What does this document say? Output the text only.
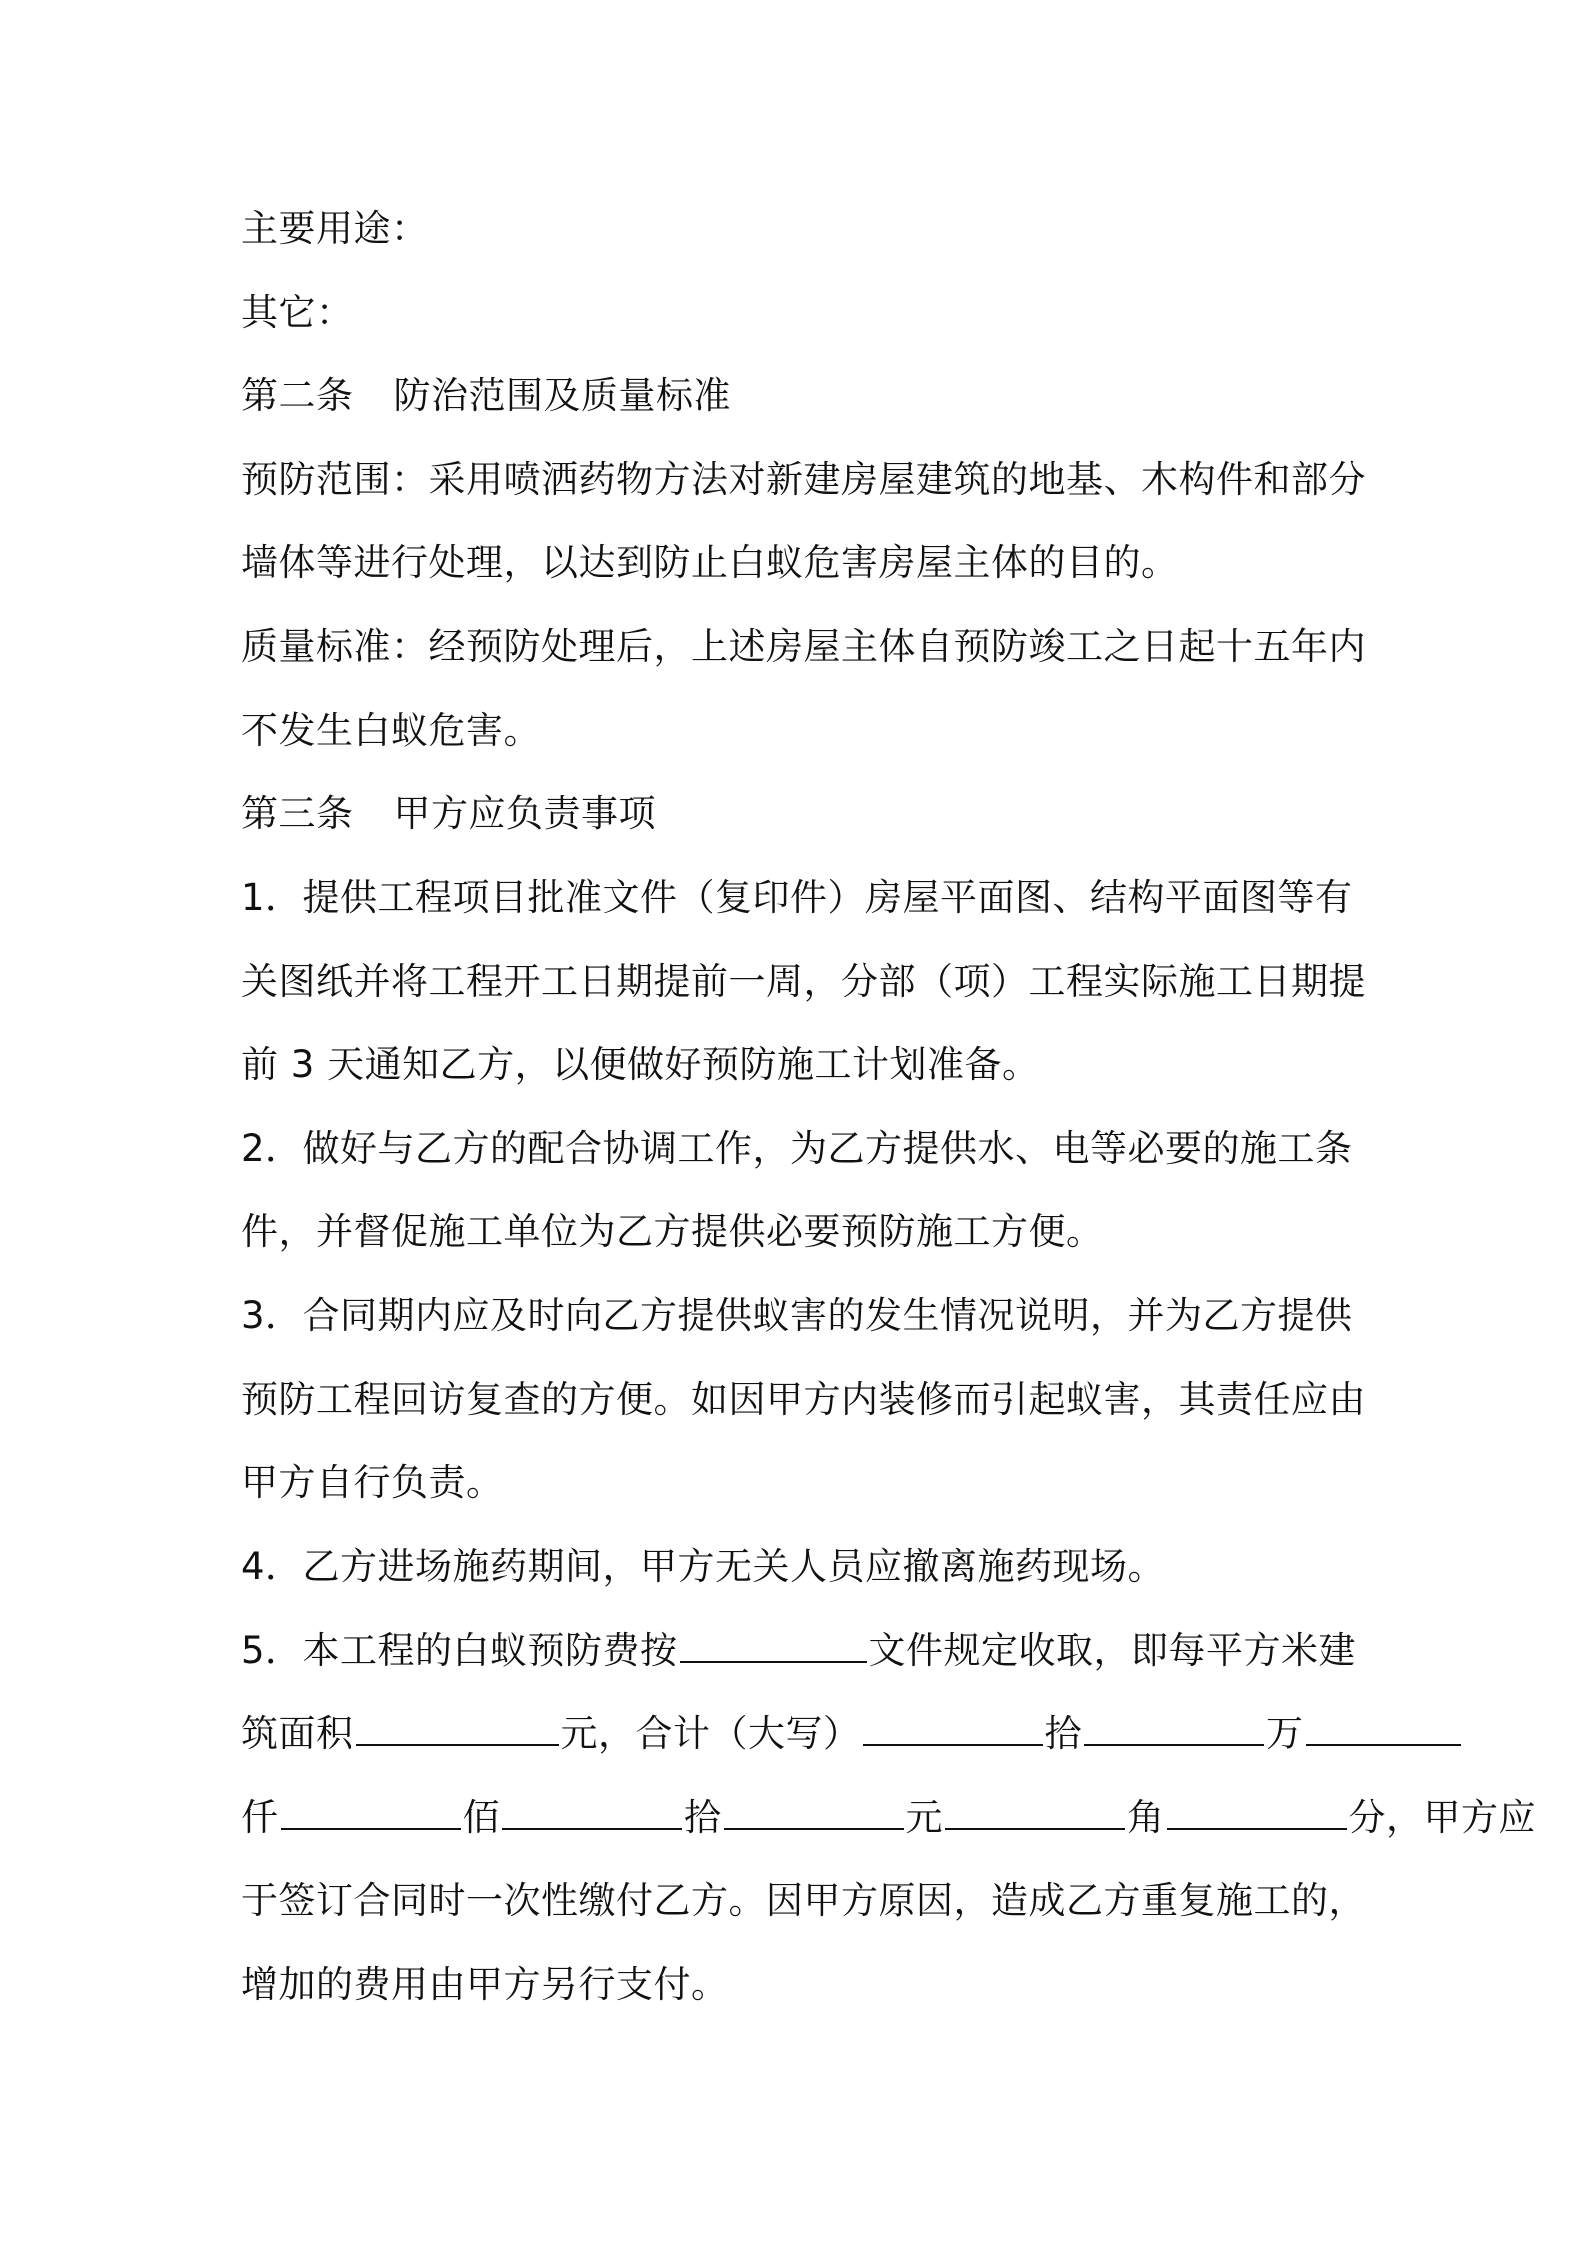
主要用途：
其它：
第二条 防治范围及质量标准
预防范围：采用喷洒药物方法对新建房屋建筑的地基、木构件和部分
墙体等进行处理，以达到防止白蚁危害房屋主体的目的。
质量标准：经预防处理后，上述房屋主体自预防竣工之日起十五年内
不发生白蚁危害。
第三条 甲方应负责事项
1．提供工程项目批准文件（复印件）房屋平面图、结构平面图等有
关图纸并将工程开工日期提前一周，分部（项）工程实际施工日期提
前 3 天通知乙方，以便做好预防施工计划准备。
2．做好与乙方的配合协调工作，为乙方提供水、电等必要的施工条
件，并督促施工单位为乙方提供必要预防施工方便。
3．合同期内应及时向乙方提供蚁害的发生情况说明，并为乙方提供
预防工程回访复查的方便。如因甲方内装修而引起蚁害，其责任应由
甲方自行负责。
4．乙方进场施药期间，甲方无关人员应撤离施药现场。
5．本工程的白蚁预防费按	文件规定收取，即每平方米建
筑面积	元，合计（大写）	拾	万
仟	佰	拾	元	角	分，甲方应
于签订合同时一次性缴付乙方。因甲方原因，造成乙方重复施工的，
增加的费用由甲方另行支付。
